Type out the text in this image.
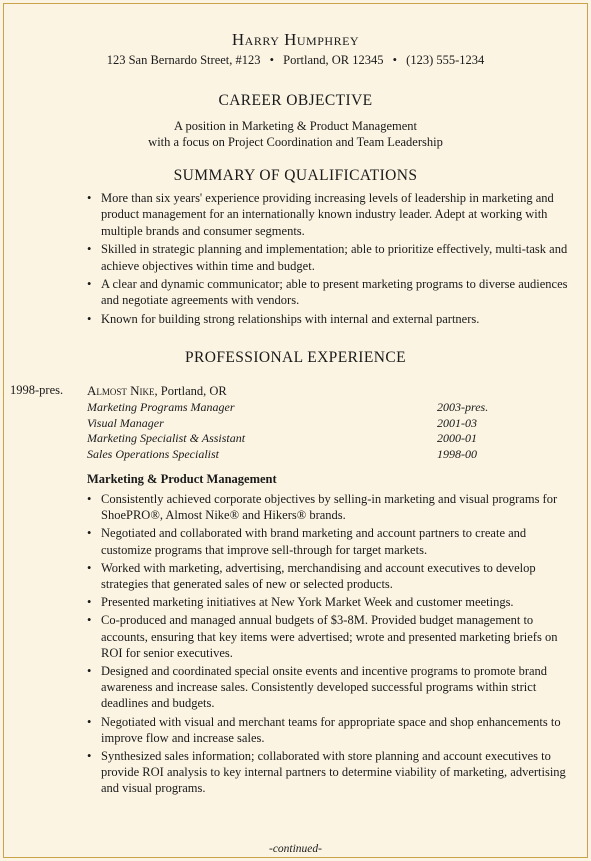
Harry Humphrey
123 San Bernardo Street, #123 • Portland, OR 12345 • (123) 555-1234
CAREER OBJECTIVE
A position in Marketing & Product Management
with a focus on Project Coordination and Team Leadership
SUMMARY OF QUALIFICATIONS
• More than six years' experience providing increasing levels of leadership in marketing and product management for an internationally known industry leader. Adept at working with multiple brands and consumer segments.
• Skilled in strategic planning and implementation; able to prioritize effectively, multi-task and achieve objectives within time and budget.
• A clear and dynamic communicator; able to present marketing programs to diverse audiences and negotiate agreements with vendors.
• Known for building strong relationships with internal and external partners.
PROFESSIONAL EXPERIENCE
1998-pres. Almost Nike, Portland, OR
Marketing Programs Manager	2003-pres.
Visual Manager	2001-03
Marketing Specialist & Assistant	2000-01
Sales Operations Specialist	1998-00
Marketing & Product Management
• Consistently achieved corporate objectives by selling-in marketing and visual programs for ShoePRO®, Almost Nike® and Hikers® brands.
• Negotiated and collaborated with brand marketing and account partners to create and customize programs that improve sell-through for target markets.
• Worked with marketing, advertising, merchandising and account executives to develop strategies that generated sales of new or selected products.
• Presented marketing initiatives at New York Market Week and customer meetings.
• Co-produced and managed annual budgets of $3-8M. Provided budget management to accounts, ensuring that key items were advertised; wrote and presented marketing briefs on ROI for senior executives.
• Designed and coordinated special onsite events and incentive programs to promote brand awareness and increase sales. Consistently developed successful programs within strict deadlines and budgets.
• Negotiated with visual and merchant teams for appropriate space and shop enhancements to improve flow and increase sales.
• Synthesized sales information; collaborated with store planning and account executives to provide ROI analysis to key internal partners to determine viability of marketing, advertising and visual programs.
-continued-
